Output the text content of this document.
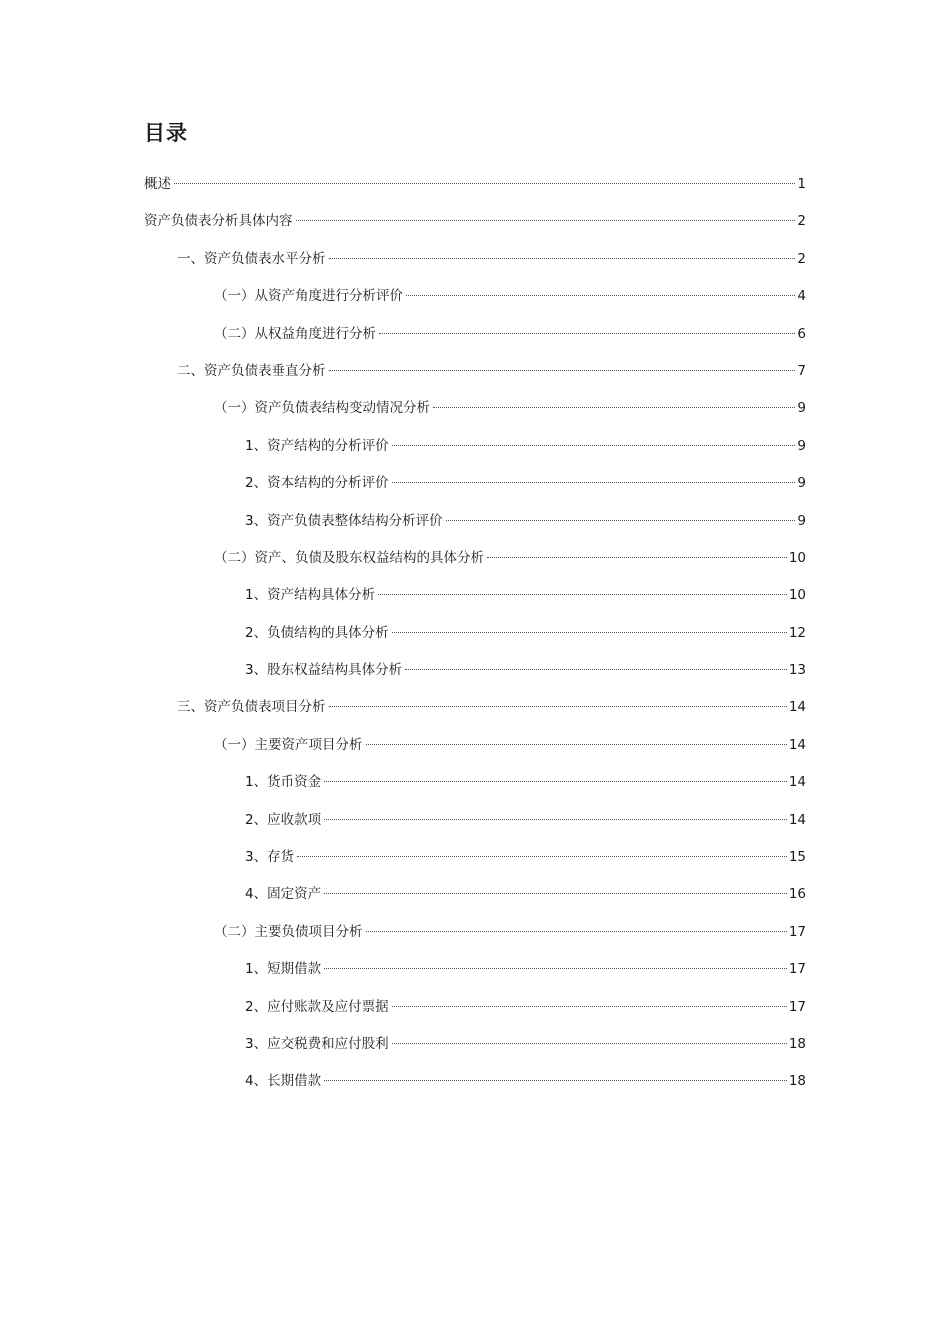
目录
概述	1
资产负债表分析具体内容	2
一、资产负债表水平分析	2
（一）从资产角度进行分析评价	4
（二）从权益角度进行分析	6
二、资产负债表垂直分析	7
（一）资产负债表结构变动情况分析	9
1、资产结构的分析评价	9
2、资本结构的分析评价	9
3、资产负债表整体结构分析评价	9
（二）资产、负债及股东权益结构的具体分析	10
1、资产结构具体分析	10
2、负债结构的具体分析	12
3、股东权益结构具体分析	13
三、资产负债表项目分析	14
（一）主要资产项目分析	14
1、货币资金	14
2、应收款项	14
3、存货	15
4、固定资产	16
（二）主要负债项目分析	17
1、短期借款	17
2、应付账款及应付票据	17
3、应交税费和应付股利	18
4、长期借款	18
